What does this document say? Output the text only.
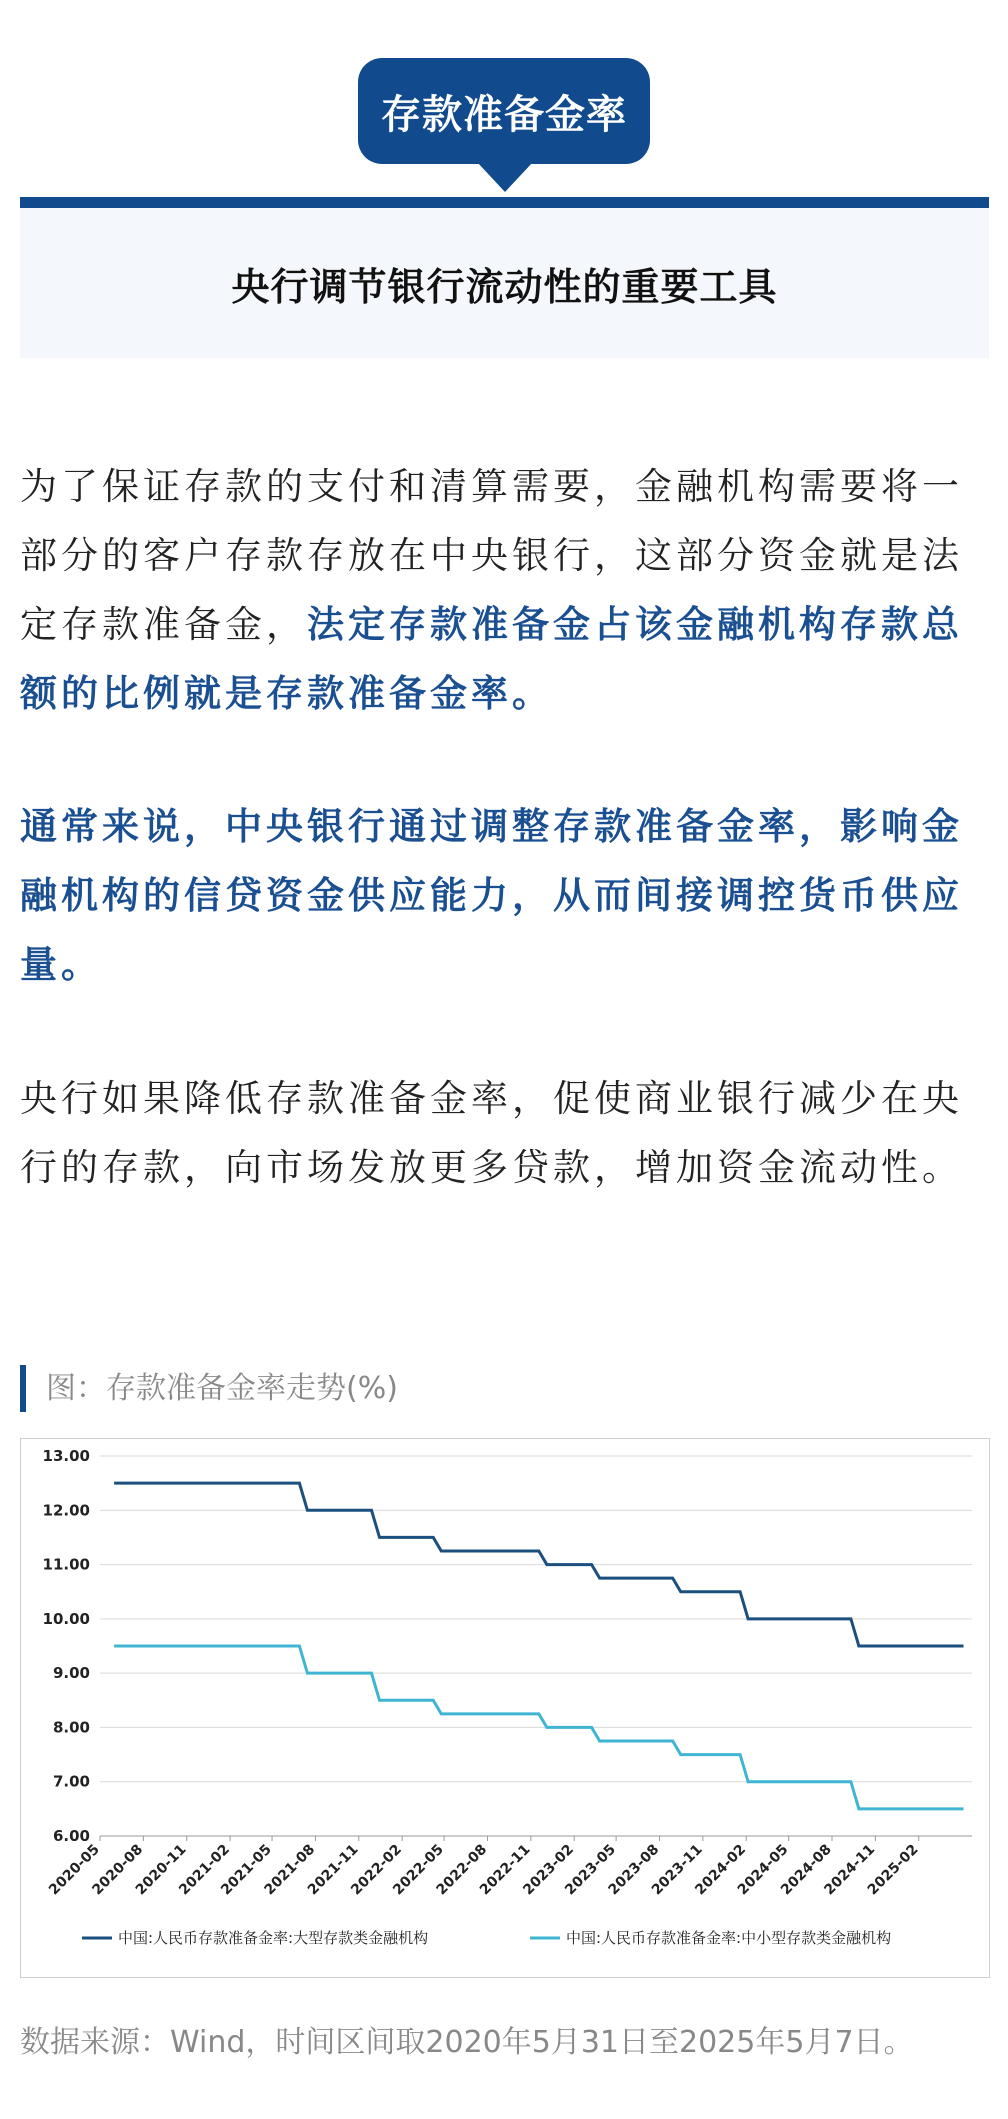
存款准备金率
央行调节银行流动性的重要工具

为了保证存款的支付和清算需要，金融机构需要将一部分的客户存款存放在中央银行，这部分资金就是法定存款准备金，法定存款准备金占该金融机构存款总额的比例就是存款准备金率。

通常来说，中央银行通过调整存款准备金率，影响金融机构的信贷资金供应能力，从而间接调控货币供应量。

央行如果降低存款准备金率，促使商业银行减少在央行的存款，向市场发放更多贷款，增加资金流动性。

图：存款准备金率走势(%)
13.00
12.00
11.00
10.00
9.00
8.00
7.00
6.00
2020-05
2020-08
2020-11
2021-02
2021-05
2021-08
2021-11
2022-02
2022-05
2022-08
2022-11
2023-02
2023-05
2023-08
2023-11
2024-02
2024-05
2024-08
2024-11
2025-02
中国:人民币存款准备金率:大型存款类金融机构	中国:人民币存款准备金率:中小型存款类金融机构
数据来源：Wind，时间区间取2020年5月31日至2025年5月7日。
